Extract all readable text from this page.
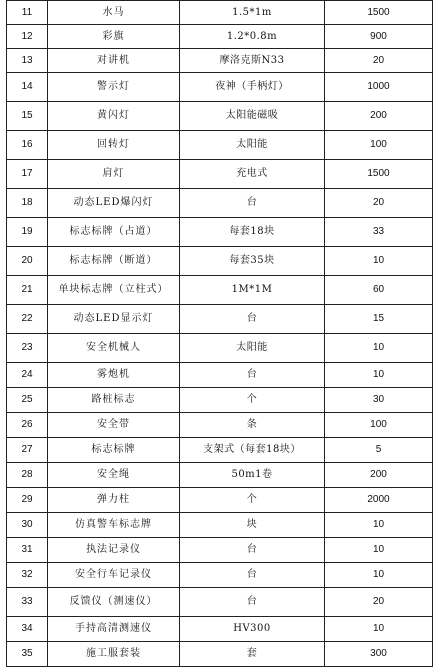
11	水马	1.5*1m	1500
12	彩旗	1.2*0.8m	900
13	对讲机	摩洛克斯N33	20
14	警示灯	夜神（手柄灯）	1000
15	黄闪灯	太阳能磁吸	200
16	回转灯	太阳能	100
17	肩灯	充电式	1500
18	动态LED爆闪灯	台	20
19	标志标牌（占道）	每套18块	33
20	标志标牌（断道）	每套35块	10
21	单块标志牌（立柱式）	1M*1M	60
22	动态LED显示灯	台	15
23	安全机械人	太阳能	10
24	雾炮机	台	10
25	路桩标志	个	30
26	安全带	条	100
27	标志标牌	支架式（每套18块）	5
28	安全绳	50m1卷	200
29	弹力柱	个	2000
30	仿真警车标志牌	块	10
31	执法记录仪	台	10
32	安全行车记录仪	台	10
33	反馈仪（测速仪）	台	20
34	手持高清测速仪	HV300	10
35	施工服套装	套	300
